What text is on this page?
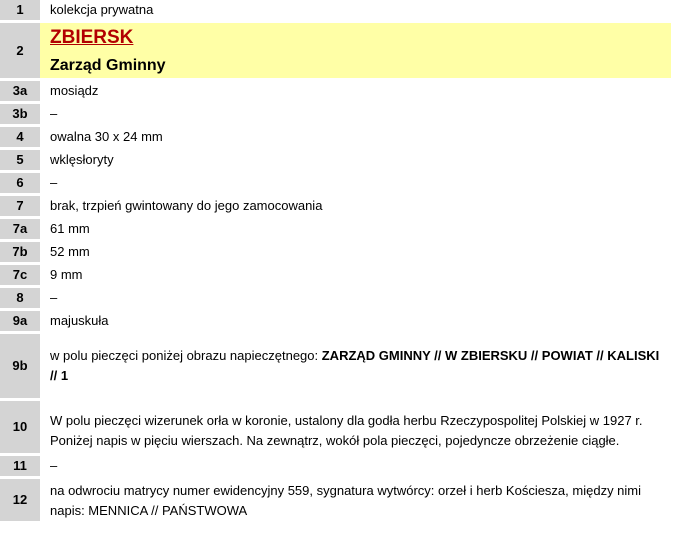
1	kolekcja prywatna
2	ZBIERSK
Zarząd Gminny

3a	mosiądz
3b	–
4	owalna 30 x 24 mm
5	wklęsłoryty
6	–
7	brak, trzpień gwintowany do jego zamocowania
7a	61 mm
7b	52 mm
7c	9 mm
8	–
9a	majuskuła
9b	w polu pieczęci poniżej obrazu napieczętnego: ZARZĄD GMINNY // W ZBIERSKU // POWIAT // KALISKI // 1
10	W polu pieczęci wizerunek orła w koronie, ustalony dla godła herbu Rzeczypospolitej Polskiej w 1927 r. Poniżej napis w pięciu wierszach. Na zewnątrz, wokół pola pieczęci, pojedyncze obrzeżenie ciągłe.
11	–
12	na odwrociu matrycy numer ewidencyjny 559, sygnatura wytwórcy: orzeł i herb Kościesza, między nimi napis: MENNICA // PAŃSTWOWA
